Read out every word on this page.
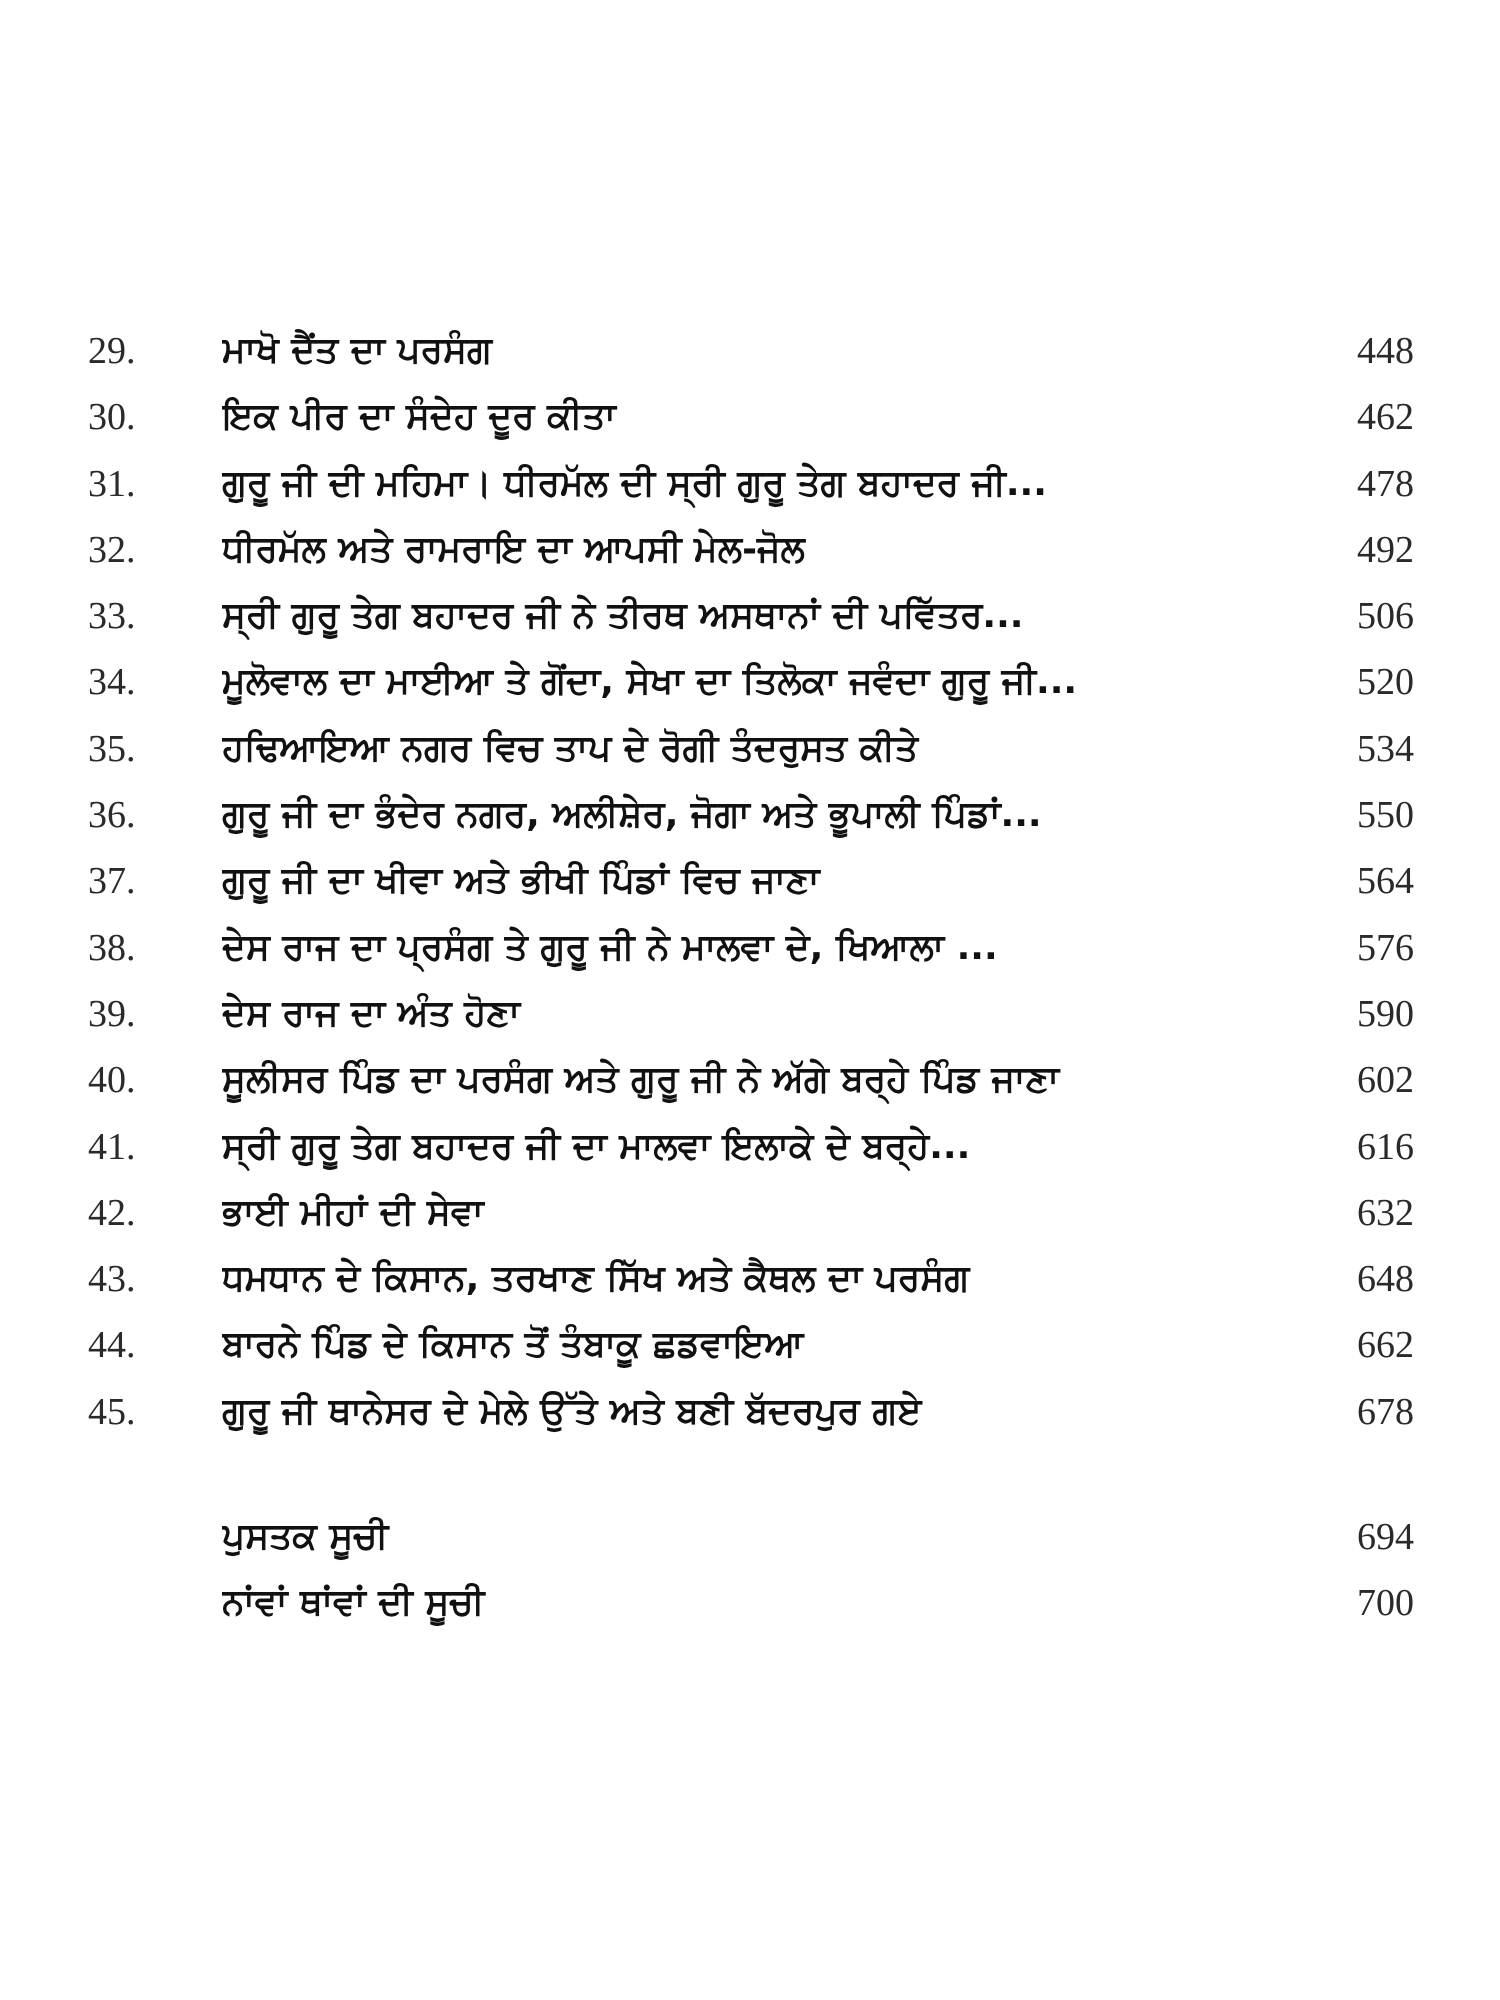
29.	ਮਾਖੋ ਦੈਂਤ ਦਾ ਪਰਸੰਗ	448
30.	ਇਕ ਪੀਰ ਦਾ ਸੰਦੇਹ ਦੂਰ ਕੀਤਾ	462
31.	ਗੁਰੂ ਜੀ ਦੀ ਮਹਿਮਾ। ਧੀਰਮੱਲ ਦੀ ਸ੍ਰੀ ਗੁਰੂ ਤੇਗ ਬਹਾਦਰ ਜੀ...	478
32.	ਧੀਰਮੱਲ ਅਤੇ ਰਾਮਰਾਇ ਦਾ ਆਪਸੀ ਮੇਲ-ਜੋਲ	492
33.	ਸ੍ਰੀ ਗੁਰੂ ਤੇਗ ਬਹਾਦਰ ਜੀ ਨੇ ਤੀਰਥ ਅਸਥਾਨਾਂ ਦੀ ਪਵਿੱਤਰ...	506
34.	ਮੂਲੋਵਾਲ ਦਾ ਮਾਈਆ ਤੇ ਗੋਂਦਾ, ਸੇਖਾ ਦਾ ਤਿਲੋਕਾ ਜਵੰਦਾ ਗੁਰੂ ਜੀ...	520
35.	ਹਢਿਆਇਆ ਨਗਰ ਵਿਚ ਤਾਪ ਦੇ ਰੋਗੀ ਤੰਦਰੁਸਤ ਕੀਤੇ	534
36.	ਗੁਰੂ ਜੀ ਦਾ ਭੰਦੇਰ ਨਗਰ, ਅਲੀਸ਼ੇਰ, ਜੋਗਾ ਅਤੇ ਭੂਪਾਲੀ ਪਿੰਡਾਂ...	550
37.	ਗੁਰੂ ਜੀ ਦਾ ਖੀਵਾ ਅਤੇ ਭੀਖੀ ਪਿੰਡਾਂ ਵਿਚ ਜਾਣਾ	564
38.	ਦੇਸ ਰਾਜ ਦਾ ਪ੍ਰਸੰਗ ਤੇ ਗੁਰੂ ਜੀ ਨੇ ਮਾਲਵਾ ਦੇ, ਖਿਆਲਾ ...	576
39.	ਦੇਸ ਰਾਜ ਦਾ ਅੰਤ ਹੋਣਾ	590
40.	ਸੂਲੀਸਰ ਪਿੰਡ ਦਾ ਪਰਸੰਗ ਅਤੇ ਗੁਰੂ ਜੀ ਨੇ ਅੱਗੇ ਬਰ੍ਹੇ ਪਿੰਡ ਜਾਣਾ	602
41.	ਸ੍ਰੀ ਗੁਰੂ ਤੇਗ ਬਹਾਦਰ ਜੀ ਦਾ ਮਾਲਵਾ ਇਲਾਕੇ ਦੇ ਬਰ੍ਹੇ...	616
42.	ਭਾਈ ਮੀਹਾਂ ਦੀ ਸੇਵਾ	632
43.	ਧਮਧਾਨ ਦੇ ਕਿਸਾਨ, ਤਰਖਾਣ ਸਿੱਖ ਅਤੇ ਕੈਥਲ ਦਾ ਪਰਸੰਗ	648
44.	ਬਾਰਨੇ ਪਿੰਡ ਦੇ ਕਿਸਾਨ ਤੋਂ ਤੰਬਾਕੂ ਛਡਵਾਇਆ	662
45.	ਗੁਰੂ ਜੀ ਥਾਨੇਸਰ ਦੇ ਮੇਲੇ ਉੱਤੇ ਅਤੇ ਬਣੀ ਬੱਦਰਪੁਰ ਗਏ	678
ਪੁਸਤਕ ਸੂਚੀ	694
ਨਾਂਵਾਂ ਥਾਂਵਾਂ ਦੀ ਸੂਚੀ	700
